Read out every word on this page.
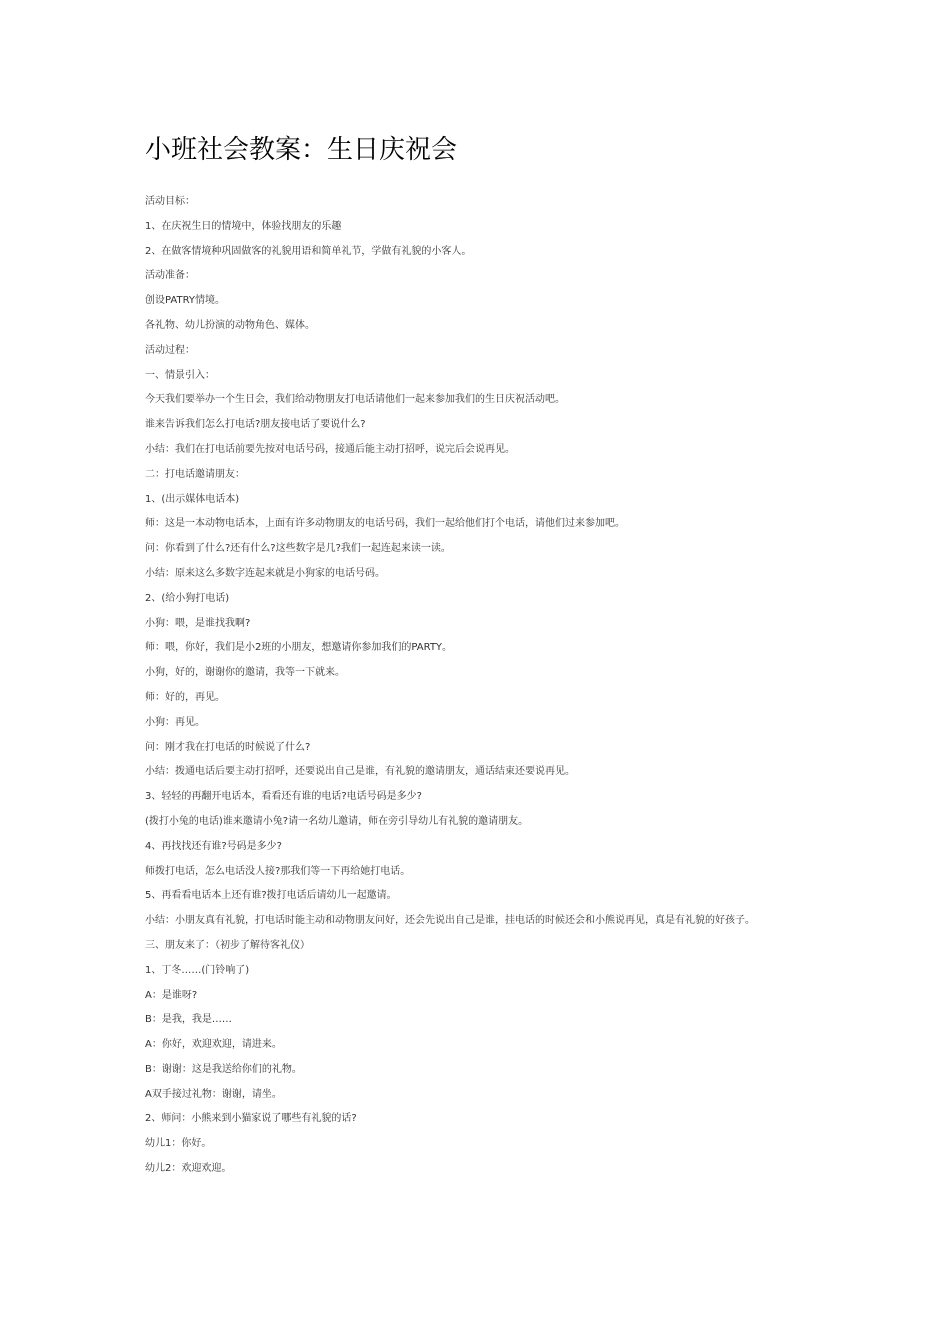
小班社会教案：生日庆祝会

活动目标：

1、在庆祝生日的情境中，体验找朋友的乐趣

2、在做客情境种巩固做客的礼貌用语和简单礼节，学做有礼貌的小客人。

活动准备：

创设PATRY情境。

各礼物、幼儿扮演的动物角色、媒体。

活动过程：

一、情景引入：

今天我们要举办一个生日会，我们给动物朋友打电话请他们一起来参加我们的生日庆祝活动吧。

谁来告诉我们怎么打电话?朋友接电话了要说什么?

小结：我们在打电话前要先按对电话号码，接通后能主动打招呼，说完后会说再见。

二：打电话邀请朋友：

1、(出示媒体电话本)

师：这是一本动物电话本，上面有许多动物朋友的电话号码，我们一起给他们打个电话，请他们过来参加吧。

问：你看到了什么?还有什么?这些数字是几?我们一起连起来读一读。

小结：原来这么多数字连起来就是小狗家的电话号码。

2、(给小狗打电话)

小狗：喂，是谁找我啊?

师：喂，你好，我们是小2班的小朋友，想邀请你参加我们的PARTY。

小狗，好的，谢谢你的邀请，我等一下就来。

师：好的，再见。

小狗：再见。

问：刚才我在打电话的时候说了什么?

小结：拨通电话后要主动打招呼，还要说出自己是谁，有礼貌的邀请朋友，通话结束还要说再见。

3、轻轻的再翻开电话本，看看还有谁的电话?电话号码是多少?

(拨打小兔的电话)谁来邀请小兔?请一名幼儿邀请，师在旁引导幼儿有礼貌的邀请朋友。

4、再找找还有谁?号码是多少?

师拨打电话，怎么电话没人接?那我们等一下再给她打电话。

5、再看看电话本上还有谁?拨打电话后请幼儿一起邀请。

小结：小朋友真有礼貌，打电话时能主动和动物朋友问好，还会先说出自己是谁，挂电话的时候还会和小熊说再见，真是有礼貌的好孩子。

三、朋友来了：（初步了解待客礼仪）

1、丁冬……(门铃响了)

A：是谁呀?

B：是我，我是……

A：你好，欢迎欢迎，请进来。

B：谢谢：这是我送给你们的礼物。

A双手接过礼物：谢谢，请坐。

2、师问：小熊来到小猫家说了哪些有礼貌的话?

幼儿1：你好。

幼儿2：欢迎欢迎。
